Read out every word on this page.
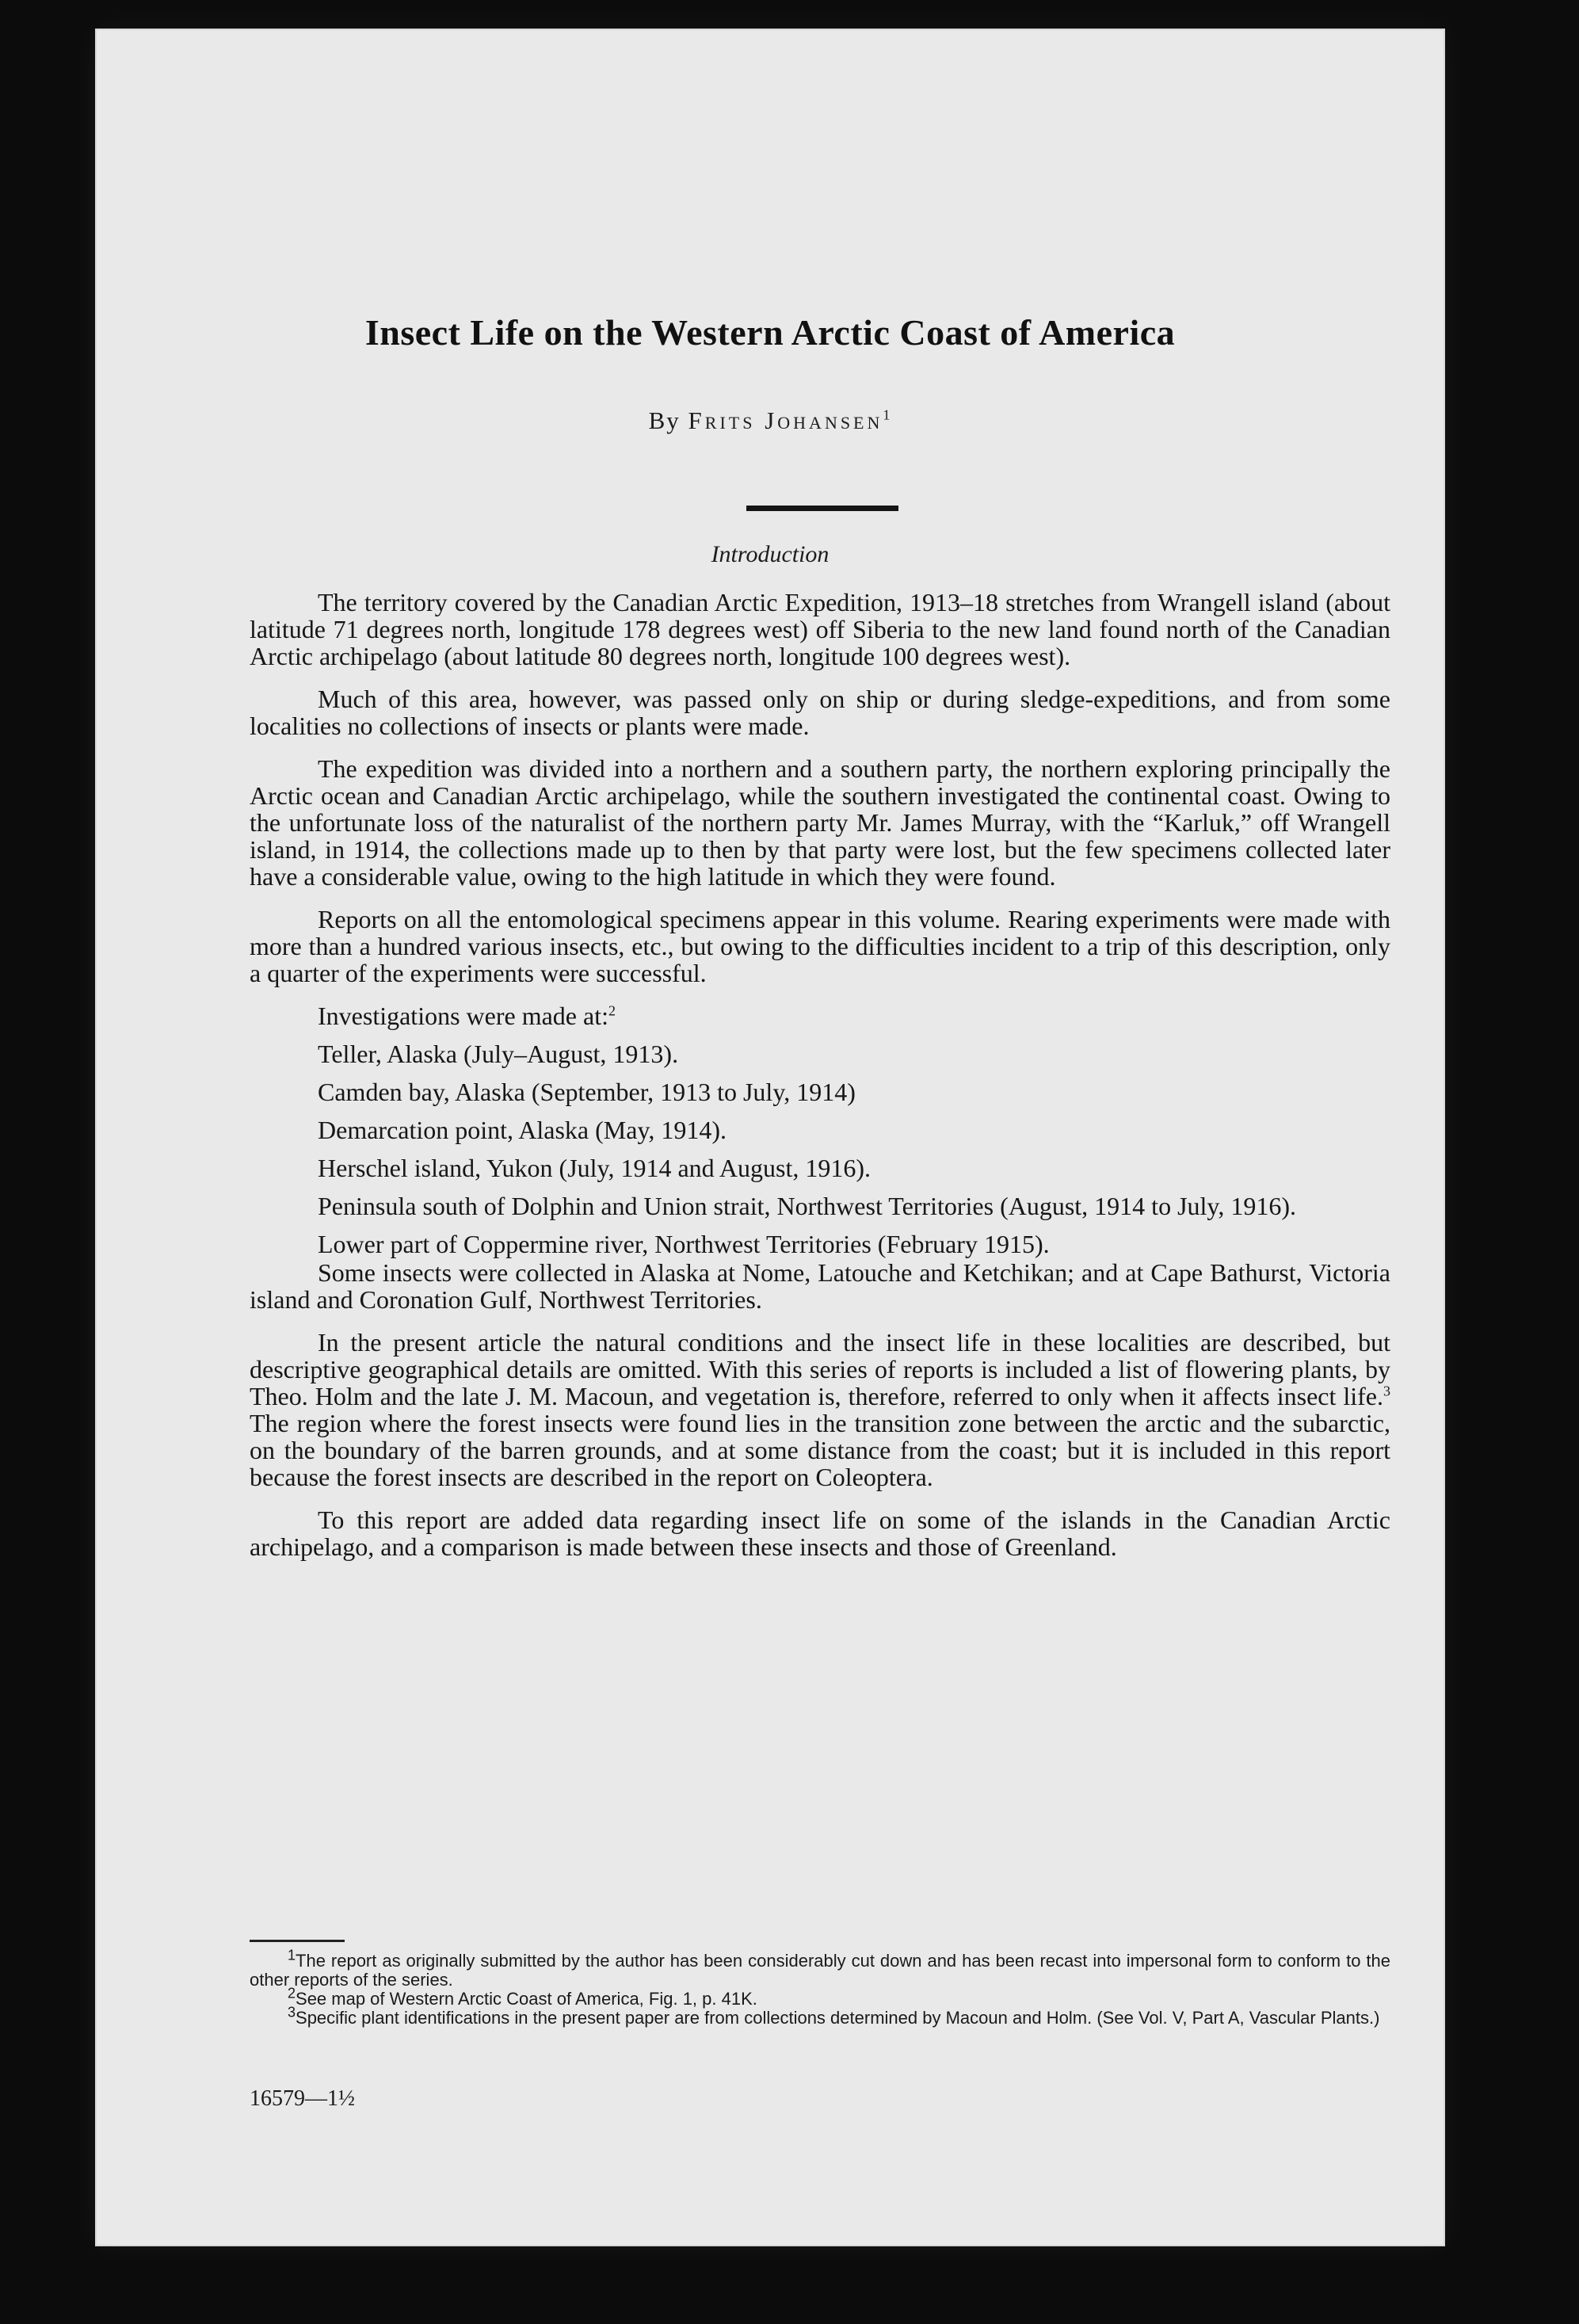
Insect Life on the Western Arctic Coast of America
By Frits Johansen$^1$
Introduction

The territory covered by the Canadian Arctic Expedition, 1913–18 stretches from Wrangell island (about latitude 71 degrees north, longitude 178 degrees west) off Siberia to the new land found north of the Canadian Arctic archipelago (about latitude 80 degrees north, longitude 100 degrees west).

Much of this area, however, was passed only on ship or during sledge-expeditions, and from some localities no collections of insects or plants were made.

The expedition was divided into a northern and a southern party, the northern exploring principally the Arctic ocean and Canadian Arctic archipelago, while the southern investigated the continental coast. Owing to the unfortunate loss of the naturalist of the northern party Mr. James Murray, with the “Karluk,” off Wrangell island, in 1914, the collections made up to then by that party were lost, but the few specimens collected later have a considerable value, owing to the high latitude in which they were found.

Reports on all the entomological specimens appear in this volume. Rearing experiments were made with more than a hundred various insects, etc., but owing to the difficulties incident to a trip of this description, only a quarter of the experiments were successful.

Investigations were made at:$^2$

Teller, Alaska (July–August, 1913).

Camden bay, Alaska (September, 1913 to July, 1914)

Demarcation point, Alaska (May, 1914).

Herschel island, Yukon (July, 1914 and August, 1916).

Peninsula south of Dolphin and Union strait, Northwest Territories (August, 1914 to July, 1916).

Lower part of Coppermine river, Northwest Territories (February 1915).

Some insects were collected in Alaska at Nome, Latouche and Ketchikan; and at Cape Bathurst, Victoria island and Coronation Gulf, Northwest Territories.

In the present article the natural conditions and the insect life in these localities are described, but descriptive geographical details are omitted. With this series of reports is included a list of flowering plants, by Theo. Holm and the late J. M. Macoun, and vegetation is, therefore, referred to only when it affects insect life.$^3$ The region where the forest insects were found lies in the transition zone between the arctic and the subarctic, on the boundary of the barren grounds, and at some distance from the coast; but it is included in this report because the forest insects are described in the report on Coleoptera.

To this report are added data regarding insect life on some of the islands in the Canadian Arctic archipelago, and a comparison is made between these insects and those of Greenland.

$^1$The report as originally submitted by the author has been considerably cut down and has been recast into impersonal form to conform to the other reports of the series.

$^2$See map of Western Arctic Coast of America, Fig. 1, p. 41K.

$^3$Specific plant identifications in the present paper are from collections determined by Macoun and Holm. (See Vol. V, Part A, Vascular Plants.)

16579—1½
